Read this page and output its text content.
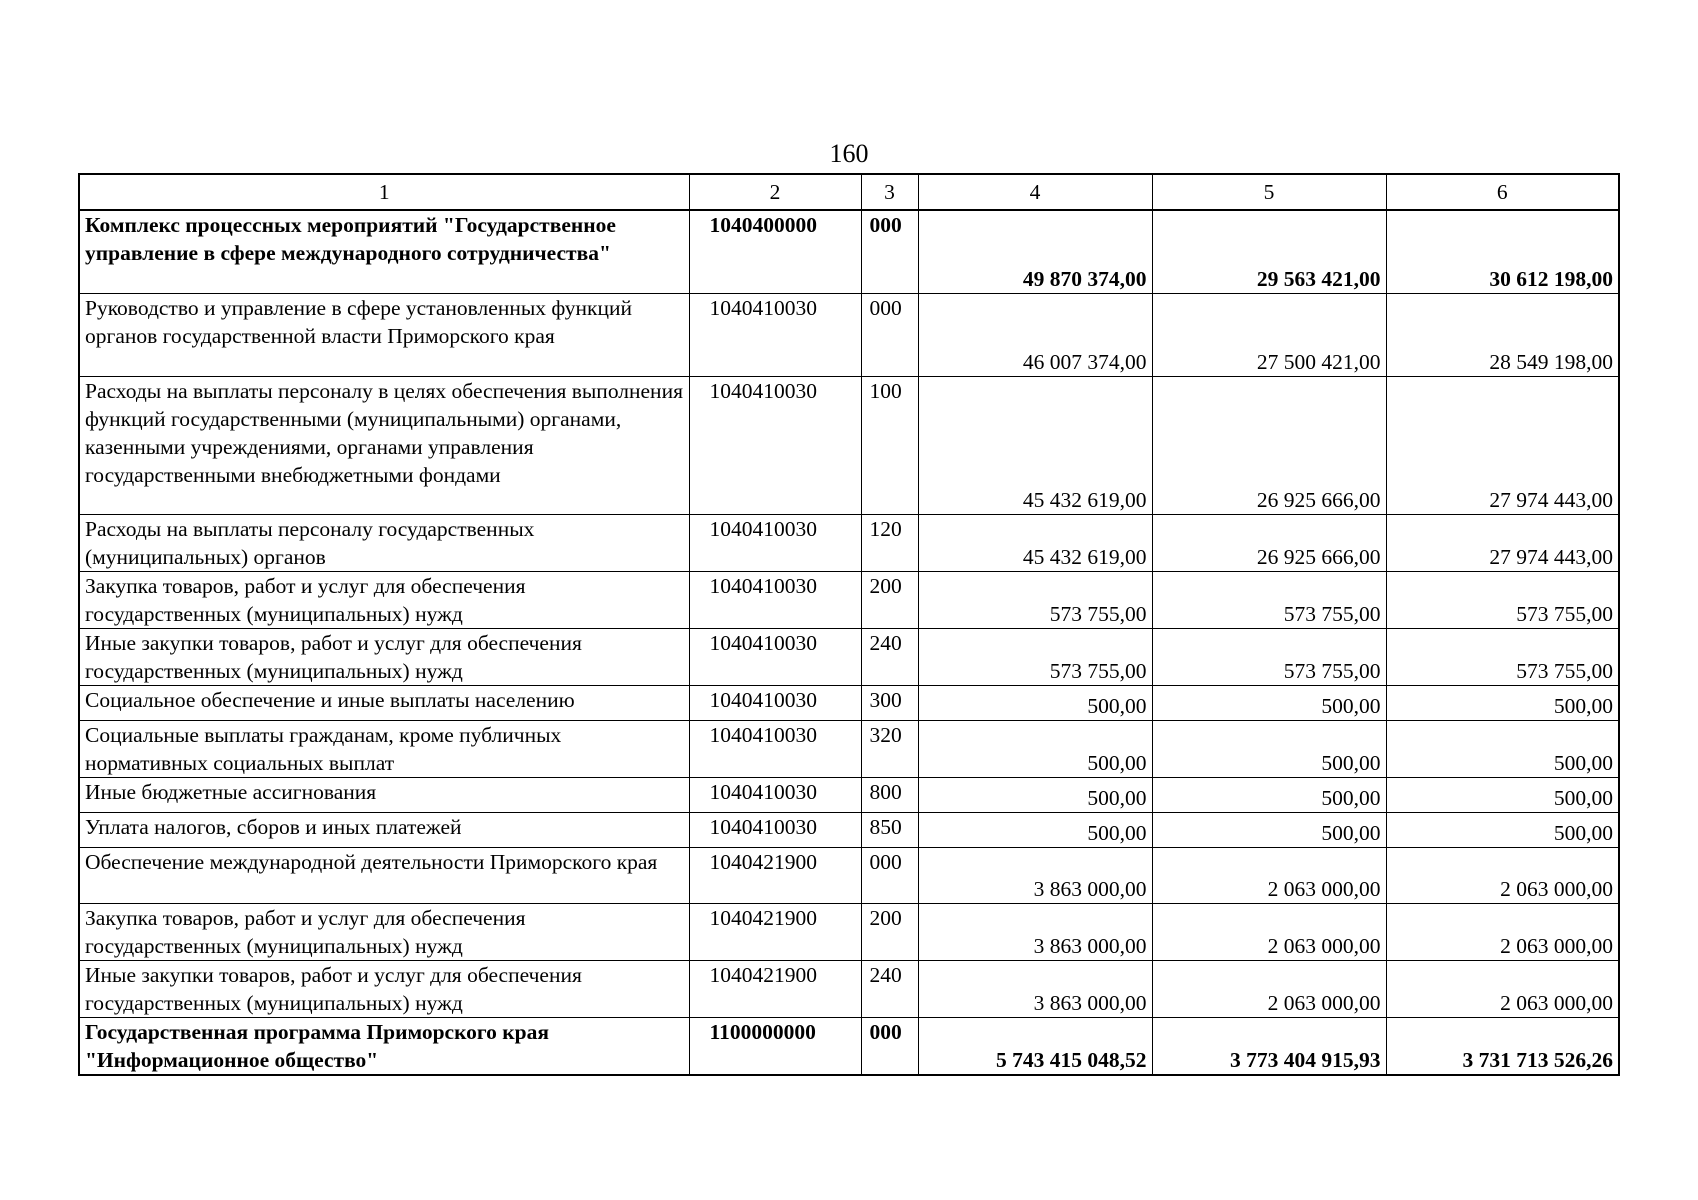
160
1	2	3	4	5	6
Комплекс процессных мероприятий "Государственное управление в сфере международного сотрудничества"	1040400000	000	49 870 374,00	29 563 421,00	30 612 198,00
Руководство и управление в сфере установленных функций органов государственной власти Приморского края	1040410030	000	46 007 374,00	27 500 421,00	28 549 198,00
Расходы на выплаты персоналу в целях обеспечения выполнения функций государственными (муниципальными) органами, казенными учреждениями, органами управления государственными внебюджетными фондами	1040410030	100	45 432 619,00	26 925 666,00	27 974 443,00
Расходы на выплаты персоналу государственных (муниципальных) органов	1040410030	120	45 432 619,00	26 925 666,00	27 974 443,00
Закупка товаров, работ и услуг для обеспечения государственных (муниципальных) нужд	1040410030	200	573 755,00	573 755,00	573 755,00
Иные закупки товаров, работ и услуг для обеспечения государственных (муниципальных) нужд	1040410030	240	573 755,00	573 755,00	573 755,00
Социальное обеспечение и иные выплаты населению	1040410030	300	500,00	500,00	500,00
Социальные выплаты гражданам, кроме публичных нормативных социальных выплат	1040410030	320	500,00	500,00	500,00
Иные бюджетные ассигнования	1040410030	800	500,00	500,00	500,00
Уплата налогов, сборов и иных платежей	1040410030	850	500,00	500,00	500,00
Обеспечение международной деятельности Приморского края	1040421900	000	3 863 000,00	2 063 000,00	2 063 000,00
Закупка товаров, работ и услуг для обеспечения государственных (муниципальных) нужд	1040421900	200	3 863 000,00	2 063 000,00	2 063 000,00
Иные закупки товаров, работ и услуг для обеспечения государственных (муниципальных) нужд	1040421900	240	3 863 000,00	2 063 000,00	2 063 000,00
Государственная программа Приморского края "Информационное общество"	1100000000	000	5 743 415 048,52	3 773 404 915,93	3 731 713 526,26
